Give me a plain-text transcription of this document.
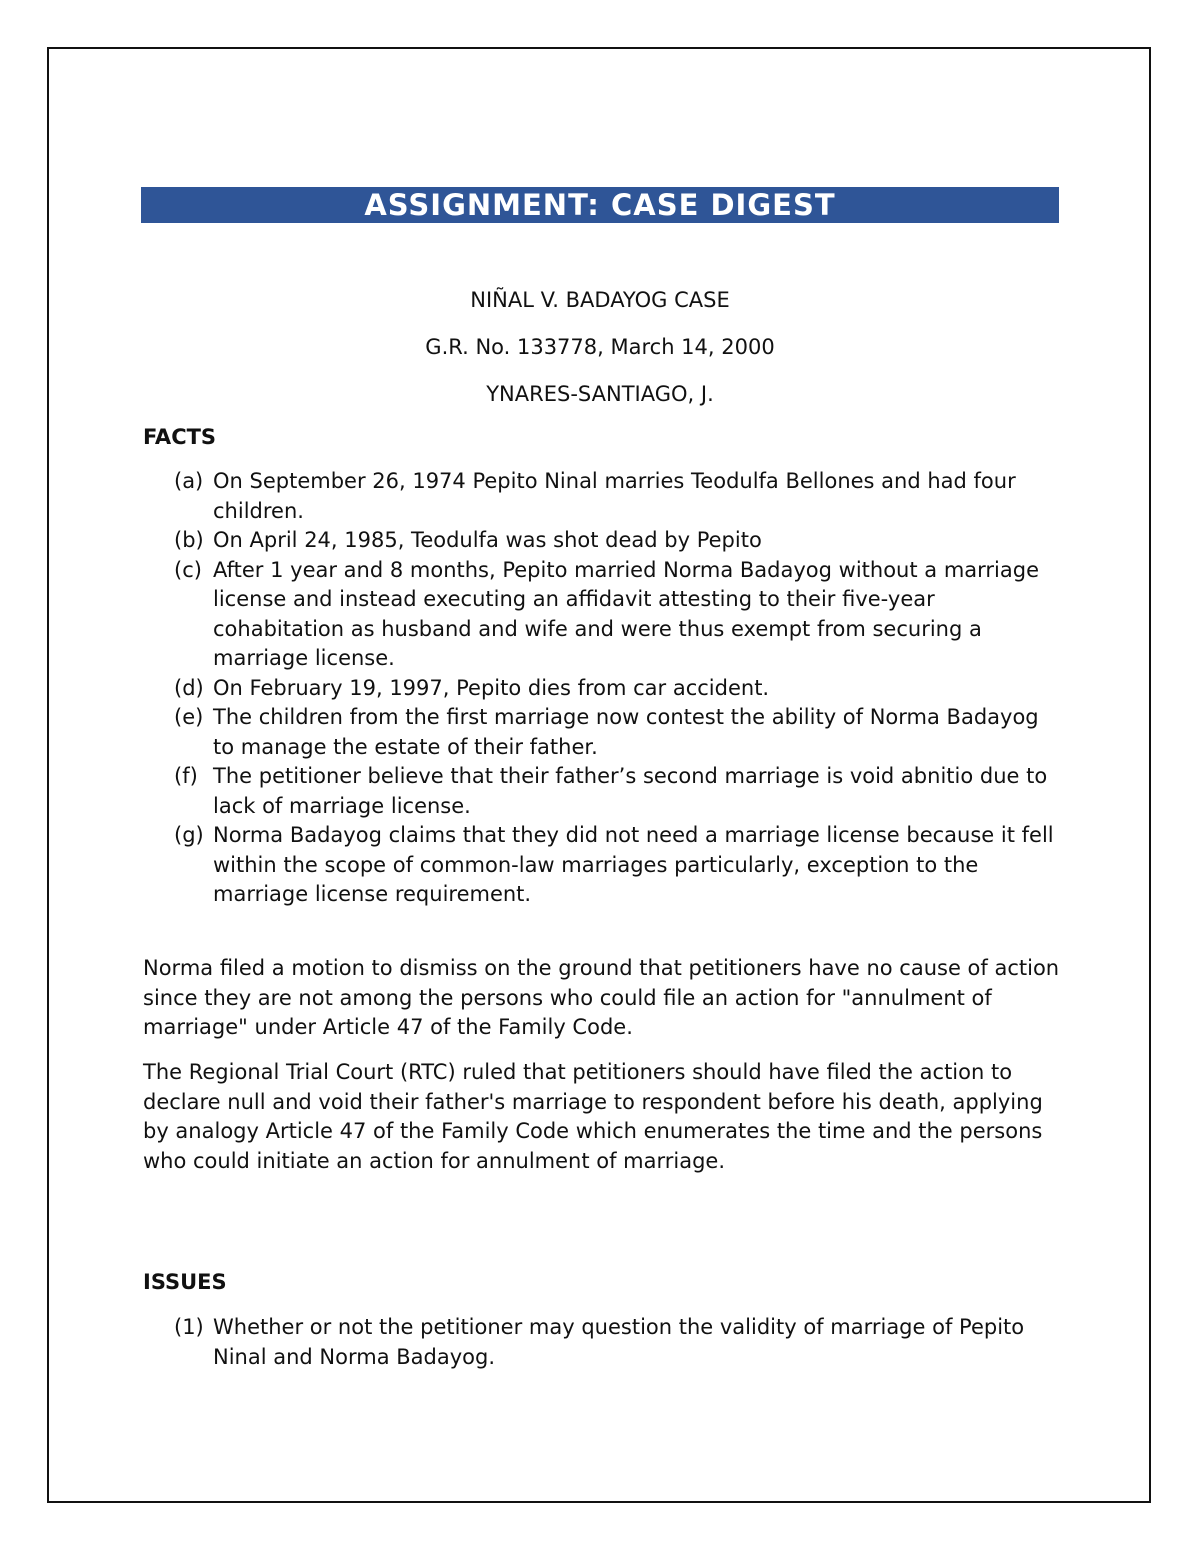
ASSIGNMENT: CASE DIGEST
NIÑAL V. BADAYOG CASE
G.R. No. 133778, March 14, 2000
YNARES-SANTIAGO, J.
FACTS
(a) On September 26, 1974 Pepito Ninal marries Teodulfa Bellones and had four children.
(b) On April 24, 1985, Teodulfa was shot dead by Pepito
(c) After 1 year and 8 months, Pepito married Norma Badayog without a marriage license and instead executing an affidavit attesting to their five-year cohabitation as husband and wife and were thus exempt from securing a marriage license.
(d) On February 19, 1997, Pepito dies from car accident.
(e) The children from the first marriage now contest the ability of Norma Badayog to manage the estate of their father.
(f) The petitioner believe that their father’s second marriage is void abnitio due to lack of marriage license.
(g) Norma Badayog claims that they did not need a marriage license because it fell within the scope of common-law marriages particularly, exception to the marriage license requirement.

Norma filed a motion to dismiss on the ground that petitioners have no cause of action since they are not among the persons who could file an action for "annulment of marriage" under Article 47 of the Family Code.

The Regional Trial Court (RTC) ruled that petitioners should have filed the action to declare null and void their father's marriage to respondent before his death, applying by analogy Article 47 of the Family Code which enumerates the time and the persons who could initiate an action for annulment of marriage.

ISSUES
(1) Whether or not the petitioner may question the validity of marriage of Pepito Ninal and Norma Badayog.
